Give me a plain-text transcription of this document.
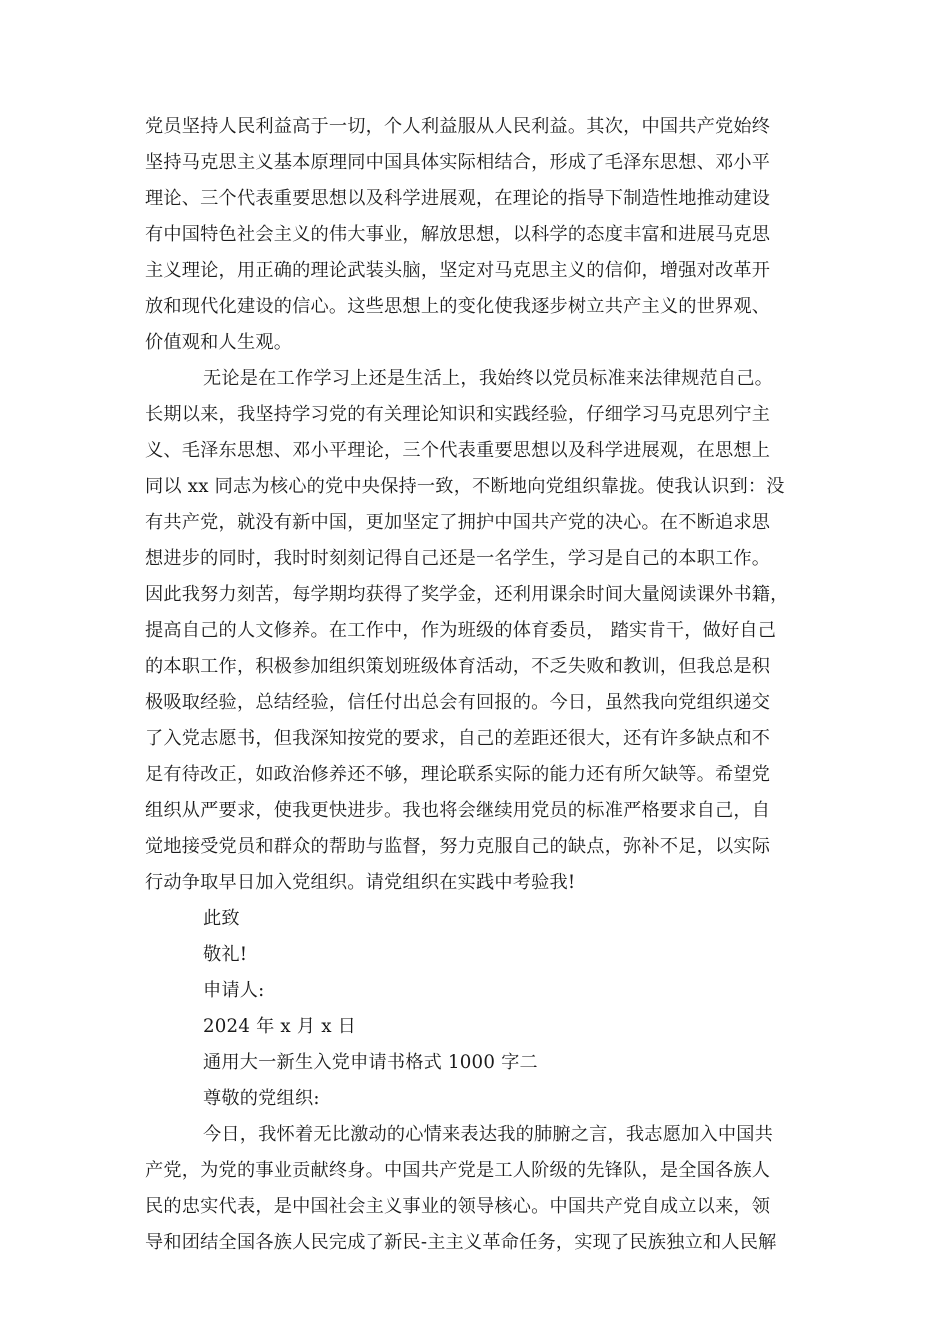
党员坚持人民利益高于一切，个人利益服从人民利益。其次，中国共产党始终
坚持马克思主义基本原理同中国具体实际相结合，形成了毛泽东思想、邓小平
理论、三个代表重要思想以及科学进展观，在理论的指导下制造性地推动建设
有中国特色社会主义的伟大事业，解放思想，以科学的态度丰富和进展马克思
主义理论，用正确的理论武装头脑，坚定对马克思主义的信仰，增强对改革开
放和现代化建设的信心。这些思想上的变化使我逐步树立共产主义的世界观、
价值观和人生观。
无论是在工作学习上还是生活上，我始终以党员标准来法律规范自己。
长期以来，我坚持学习党的有关理论知识和实践经验，仔细学习马克思列宁主
义、毛泽东思想、邓小平理论，三个代表重要思想以及科学进展观，在思想上
同以 xx 同志为核心的党中央保持一致，不断地向党组织靠拢。使我认识到：没
有共产党，就没有新中国，更加坚定了拥护中国共产党的决心。在不断追求思
想进步的同时，我时时刻刻记得自己还是一名学生，学习是自己的本职工作。
因此我努力刻苦，每学期均获得了奖学金，还利用课余时间大量阅读课外书籍，
提高自己的人文修养。在工作中，作为班级的体育委员， 踏实肯干，做好自己
的本职工作，积极参加组织策划班级体育活动，不乏失败和教训，但我总是积
极吸取经验，总结经验，信任付出总会有回报的。今日，虽然我向党组织递交
了入党志愿书，但我深知按党的要求，自己的差距还很大，还有许多缺点和不
足有待改正，如政治修养还不够，理论联系实际的能力还有所欠缺等。希望党
组织从严要求，使我更快进步。我也将会继续用党员的标准严格要求自己，自
觉地接受党员和群众的帮助与监督，努力克服自己的缺点，弥补不足，以实际
行动争取早日加入党组织。请党组织在实践中考验我!
此致
敬礼!
申请人:
2024 年 x 月 x 日
通用大一新生入党申请书格式 1000 字二
尊敬的党组织:
今日，我怀着无比激动的心情来表达我的肺腑之言，我志愿加入中国共
产党，为党的事业贡献终身。中国共产党是工人阶级的先锋队，是全国各族人
民的忠实代表，是中国社会主义事业的领导核心。中国共产党自成立以来，领
导和团结全国各族人民完成了新民-主主义革命任务，实现了民族独立和人民解
